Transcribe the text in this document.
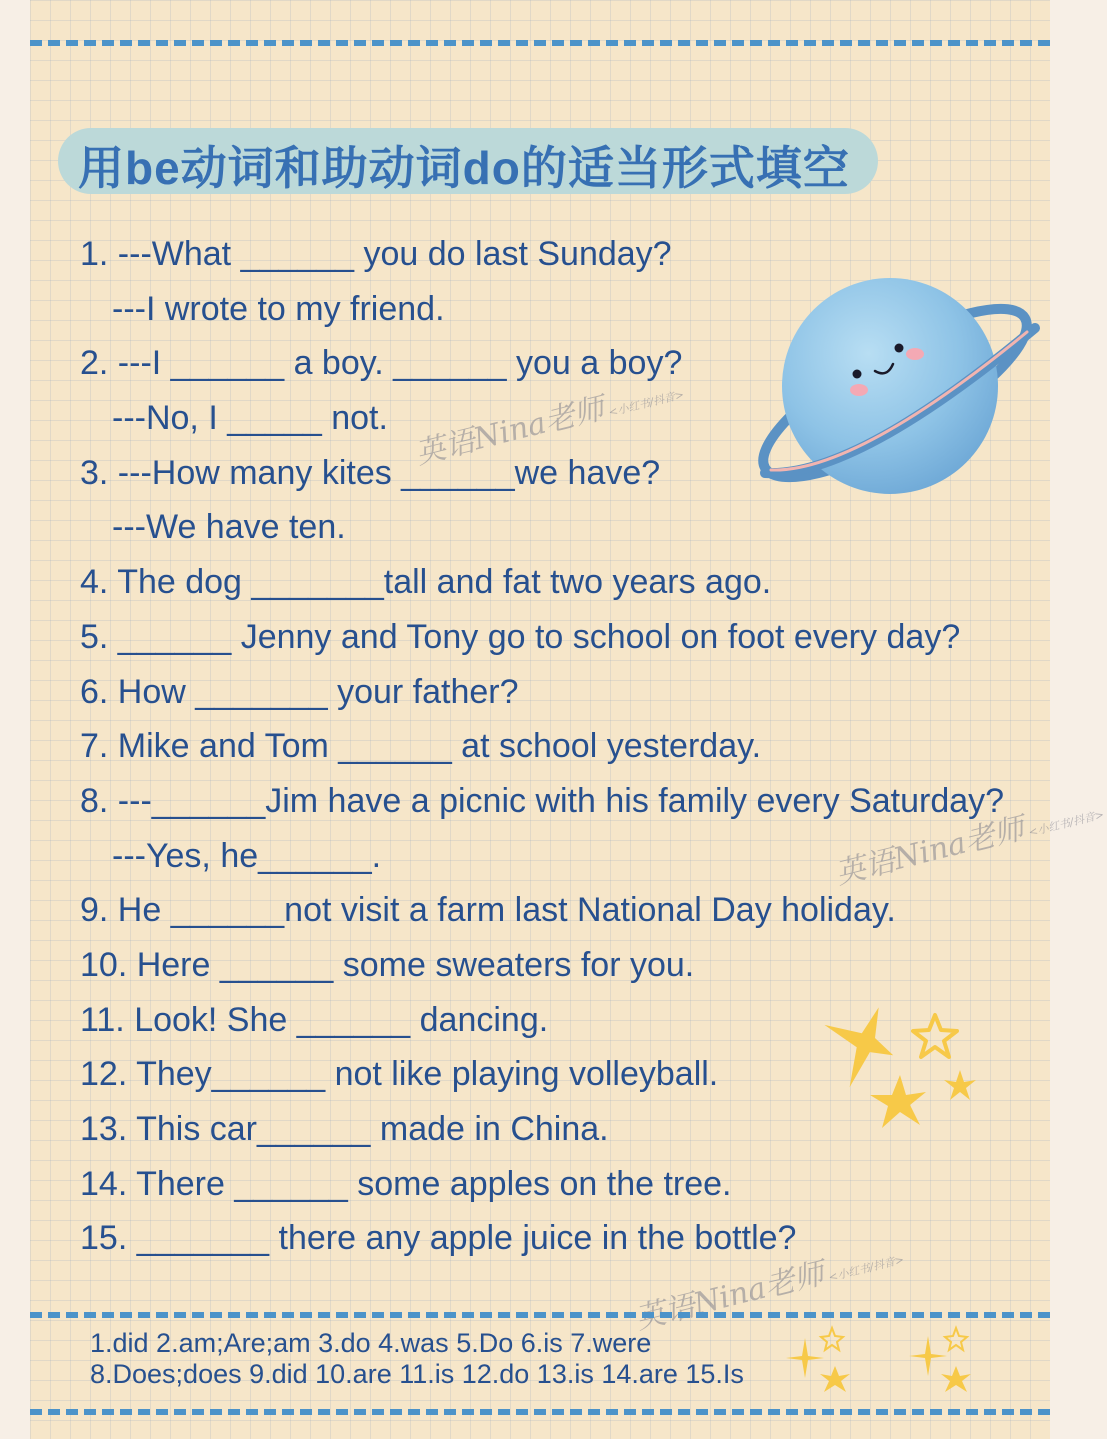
用be动词和助动词do的适当形式填空
1. ---What ______ you do last Sunday?
---I wrote to my friend.
2. ---I ______ a boy. ______ you a boy?
---No, I _____ not.
3. ---How many kites ______we have?
---We have ten.
4. The dog _______tall and fat two years ago.
5. ______ Jenny and Tony go to school on foot every day?
6. How _______ your father?
7. Mike and Tom ______ at school yesterday.
8. ---______Jim have a picnic with his family every Saturday?
---Yes, he______.
9. He ______not visit a farm last National Day holiday.
10. Here ______ some sweaters for you.
11. Look! She ______ dancing.
12. They______ not like playing volleyball.
13. This car______ made in China.
14. There ______ some apples on the tree.
15. _______ there any apple juice in the bottle?
英语Nina老师<小红书/抖音>
英语Nina老师<小红书/抖音>
英语Nina老师<小红书/抖音>
1.did 2.am;Are;am 3.do 4.was 5.Do 6.is 7.were
8.Does;does 9.did 10.are 11.is 12.do 13.is 14.are 15.Is
